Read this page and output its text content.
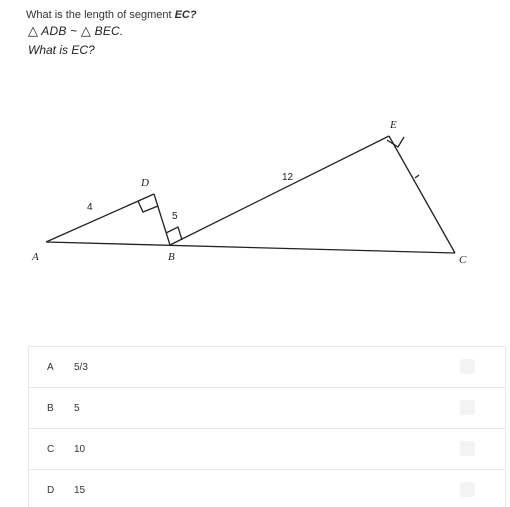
What is the length of segment EC?
△ ADB ~ △ BEC.
What is EC?
A	B	C
D
E
4
5
12
A 5/3
B 5
C 10
D 15
